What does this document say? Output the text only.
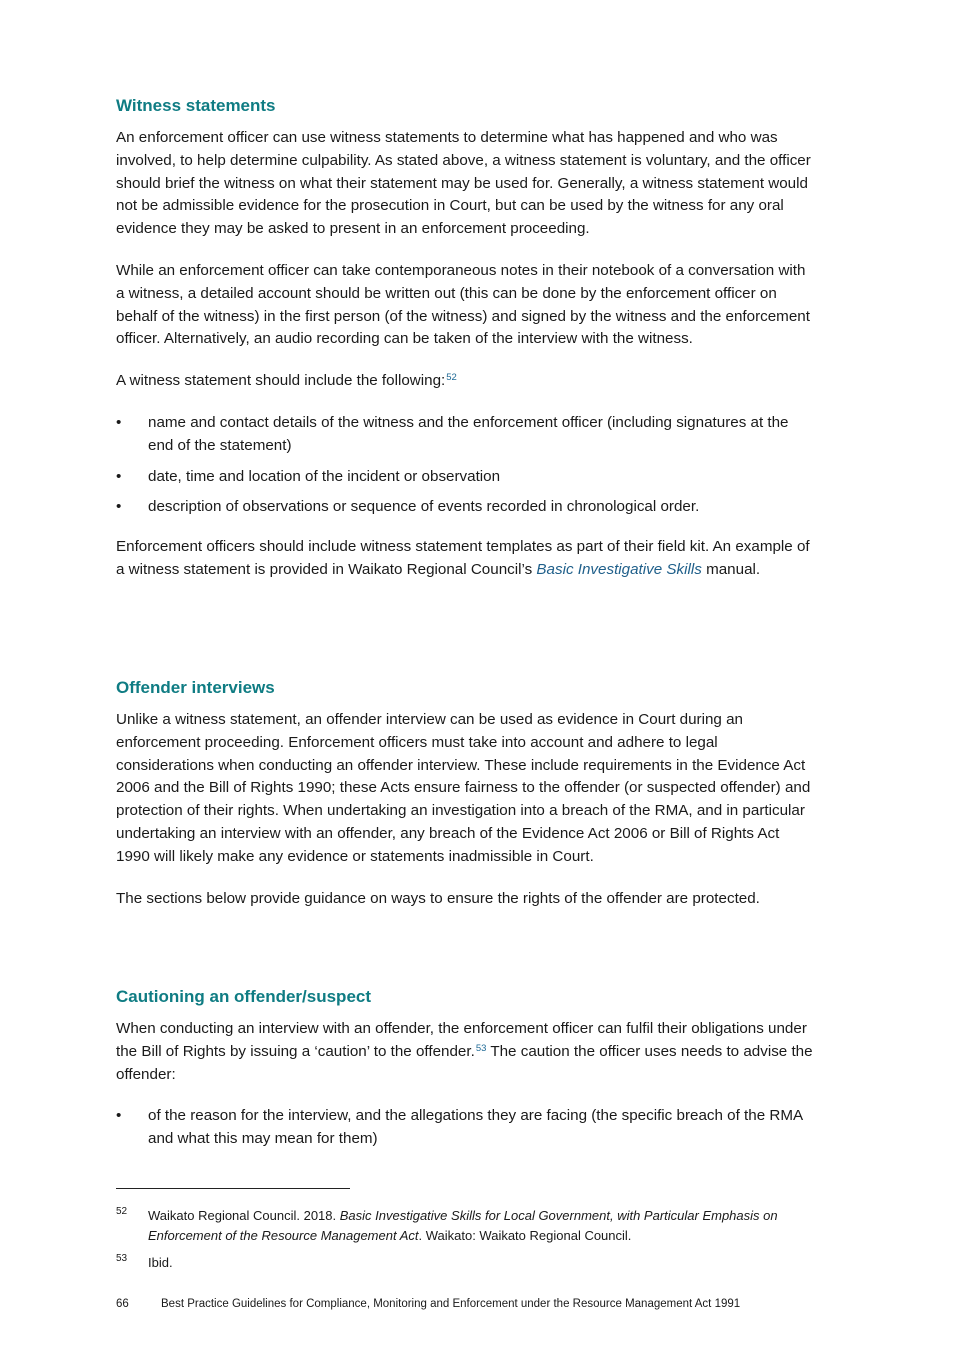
Witness statements

An enforcement officer can use witness statements to determine what has happened and who was involved, to help determine culpability. As stated above, a witness statement is voluntary, and the officer should brief the witness on what their statement may be used for. Generally, a witness statement would not be admissible evidence for the prosecution in Court, but can be used by the witness for any oral evidence they may be asked to present in an enforcement proceeding.

While an enforcement officer can take contemporaneous notes in their notebook of a conversation with a witness, a detailed account should be written out (this can be done by the enforcement officer on behalf of the witness) in the first person (of the witness) and signed by the witness and the enforcement officer. Alternatively, an audio recording can be taken of the interview with the witness.

A witness statement should include the following:$^{52}$

•	name and contact details of the witness and the enforcement officer (including signatures at the end of the statement)
•	date, time and location of the incident or observation
•	description of observations or sequence of events recorded in chronological order.

Enforcement officers should include witness statement templates as part of their field kit. An example of a witness statement is provided in Waikato Regional Council’s Basic Investigative Skills manual.

Offender interviews

Unlike a witness statement, an offender interview can be used as evidence in Court during an enforcement proceeding. Enforcement officers must take into account and adhere to legal considerations when conducting an offender interview. These include requirements in the Evidence Act 2006 and the Bill of Rights 1990; these Acts ensure fairness to the offender (or suspected offender) and protection of their rights. When undertaking an investigation into a breach of the RMA, and in particular undertaking an interview with an offender, any breach of the Evidence Act 2006 or Bill of Rights Act 1990 will likely make any evidence or statements inadmissible in Court.

The sections below provide guidance on ways to ensure the rights of the offender are protected.

Cautioning an offender/suspect

When conducting an interview with an offender, the enforcement officer can fulfil their obligations under the Bill of Rights by issuing a ‘caution’ to the offender.$^{53}$ The caution the officer uses needs to advise the offender:

•	of the reason for the interview, and the allegations they are facing (the specific breach of the RMA and what this may mean for them)
52 Waikato Regional Council. 2018. Basic Investigative Skills for Local Government, with Particular Emphasis on Enforcement of the Resource Management Act. Waikato: Waikato Regional Council.
53 Ibid.
66	Best Practice Guidelines for Compliance, Monitoring and Enforcement under the Resource Management Act 1991
